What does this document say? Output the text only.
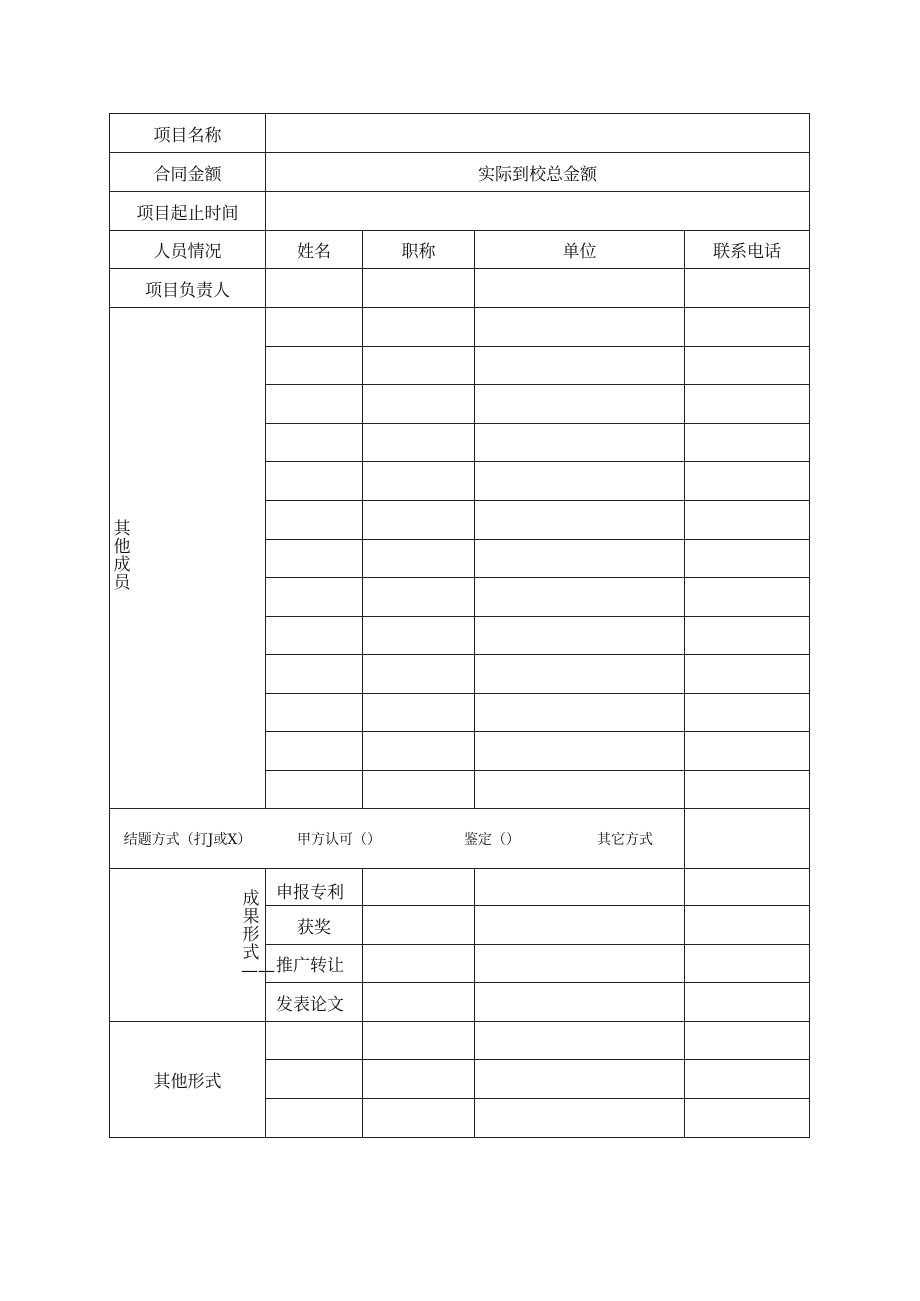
项目名称
合同金额	实际到校总金额
项目起止时间
人员情况	姓名	职称	单位	联系电话
项目负责人
其他成员
结题方式（打J或X）	甲方认可（）	鉴定（）	其它方式
成果形式——
申报专利
获奖
推广转让
发表论文
其他形式
